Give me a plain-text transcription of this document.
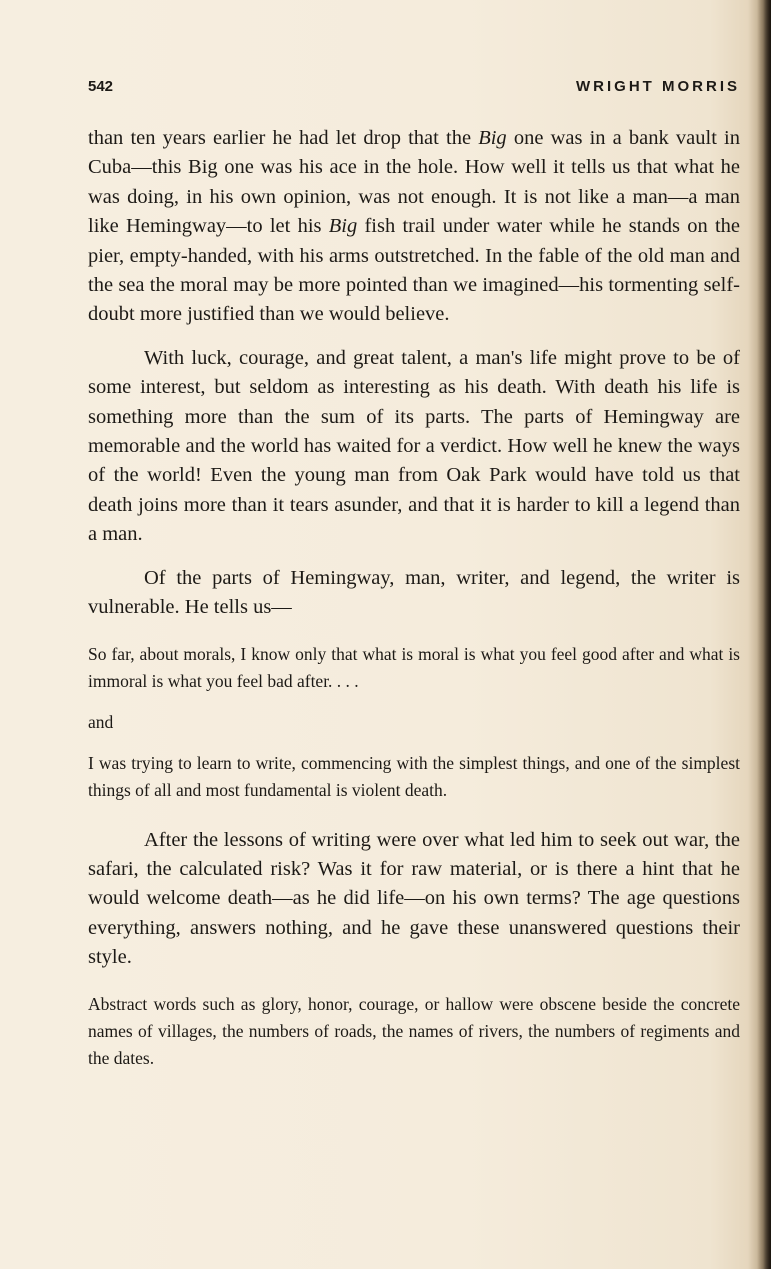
542	WRIGHT MORRIS

than ten years earlier he had let drop that the Big one was in a bank vault in Cuba—this Big one was his ace in the hole. How well it tells us that what he was doing, in his own opinion, was not enough. It is not like a man—a man like Hemingway—to let his Big fish trail under water while he stands on the pier, empty-handed, with his arms outstretched. In the fable of the old man and the sea the moral may be more pointed than we imagined—his tormenting self-doubt more justified than we would believe.

With luck, courage, and great talent, a man's life might prove to be of some interest, but seldom as interesting as his death. With death his life is something more than the sum of its parts. The parts of Hemingway are memorable and the world has waited for a verdict. How well he knew the ways of the world! Even the young man from Oak Park would have told us that death joins more than it tears asunder, and that it is harder to kill a legend than a man.

Of the parts of Hemingway, man, writer, and legend, the writer is vulnerable. He tells us—

So far, about morals, I know only that what is moral is what you feel good after and what is immoral is what you feel bad after. . . .

and

I was trying to learn to write, commencing with the simplest things, and one of the simplest things of all and most fundamental is violent death.

After the lessons of writing were over what led him to seek out war, the safari, the calculated risk? Was it for raw material, or is there a hint that he would welcome death—as he did life—on his own terms? The age questions everything, answers nothing, and he gave these unanswered questions their style.

Abstract words such as glory, honor, courage, or hallow were obscene beside the concrete names of villages, the numbers of roads, the names of rivers, the numbers of regiments and the dates.
